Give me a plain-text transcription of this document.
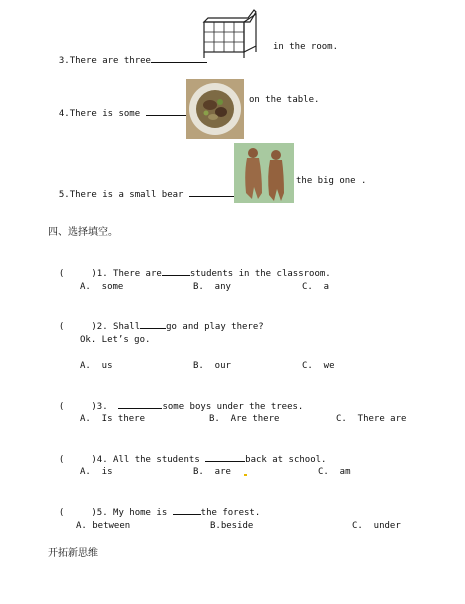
3.There are three

in the room.

4.There is some

on the table.

5.There is a small bear

the big one .
四、选择填空。

(     )1. There are	students in the classroom.

A.  some	B.  any	C.  a

(     )2. Shall	go and play there?

Ok. Let’s go.
A.  us	B.  our	C.  we

(     )3.	some boys under the trees.

A.  Is there	B.  Are there	C.  There are

(     )4. All the students	back at school.

A.  is	B.  are	C.  am

(     )5. My home is	the forest.

A. between	B.beside	C.  under
开拓新思维
